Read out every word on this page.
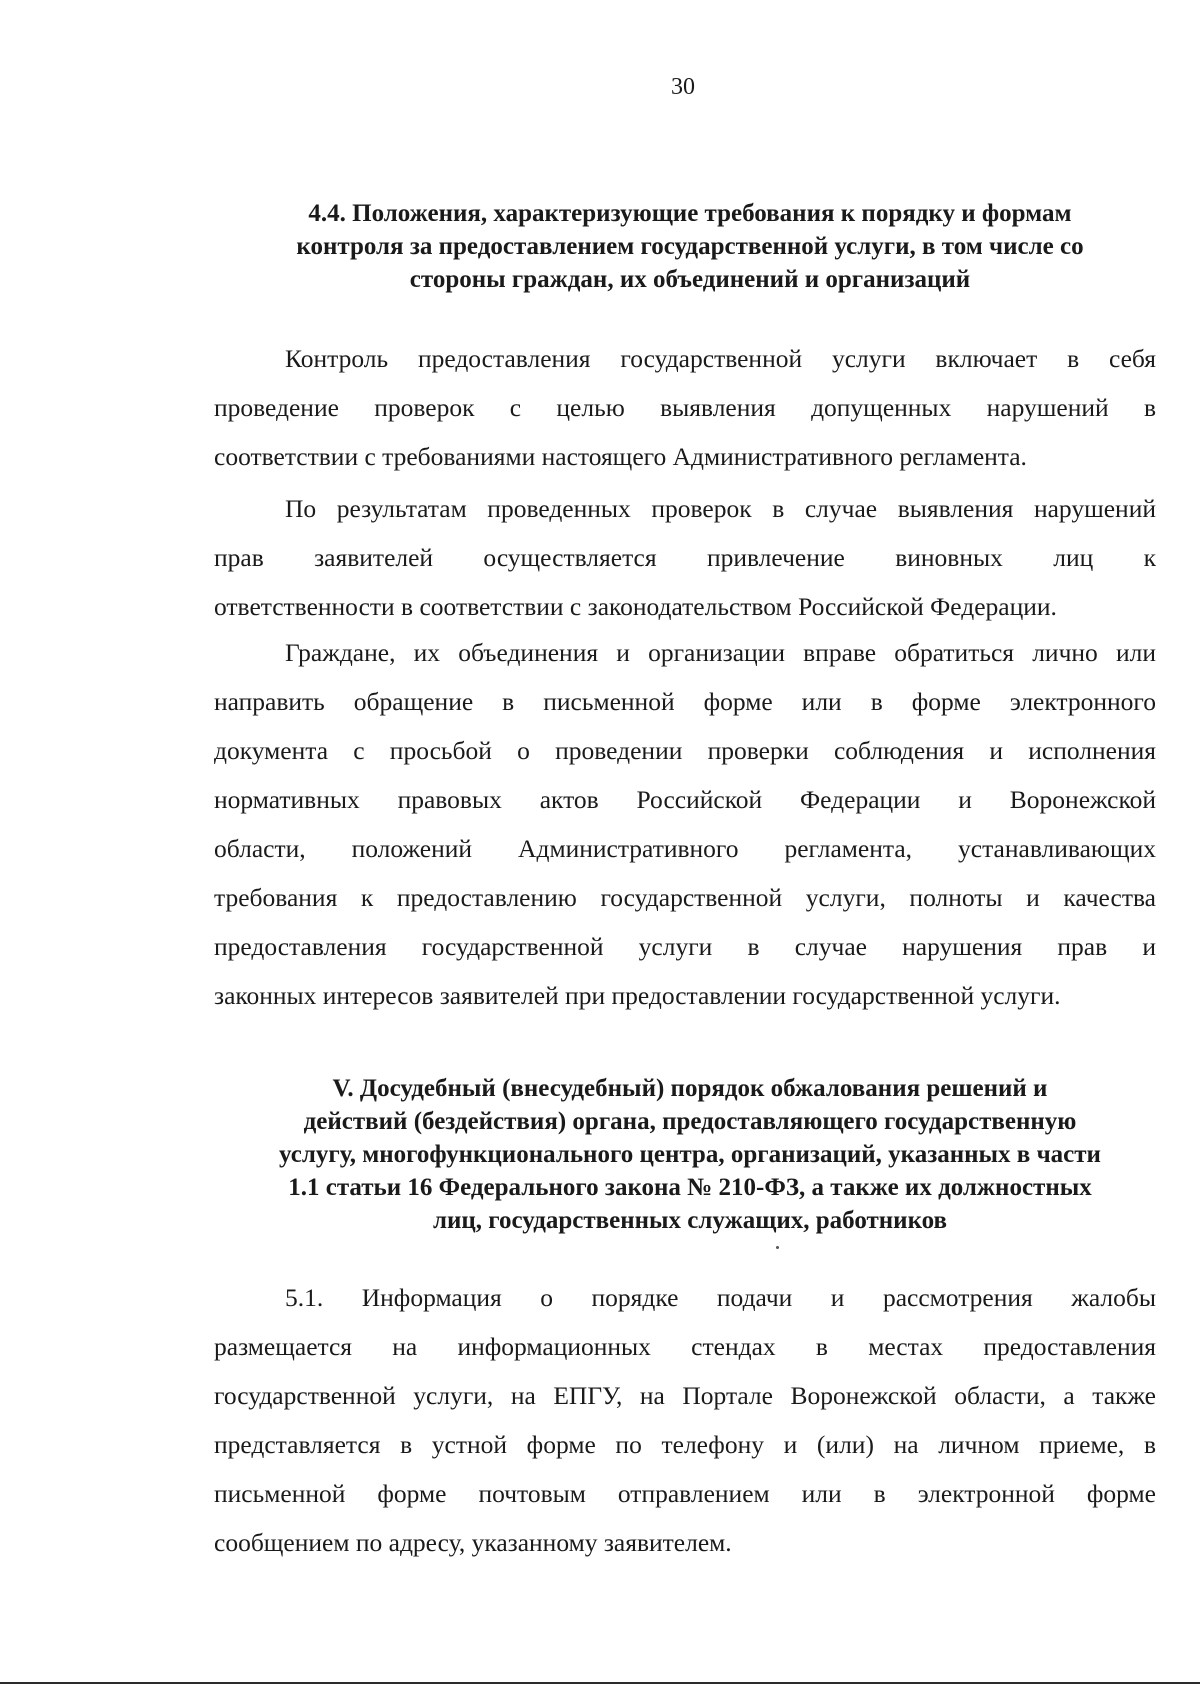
30
4.4. Положения, характеризующие требования к порядку и формам
контроля за предоставлением государственной услуги, в том числе со
стороны граждан, их объединений и организаций
Контроль предоставления государственной услуги включает в себя
проведение проверок с целью выявления допущенных нарушений в
соответствии с требованиями настоящего Административного регламента.
По результатам проведенных проверок в случае выявления нарушений
прав заявителей осуществляется привлечение виновных лиц к
ответственности в соответствии с законодательством Российской Федерации.
Граждане, их объединения и организации вправе обратиться лично или
направить обращение в письменной форме или в форме электронного
документа с просьбой о проведении проверки соблюдения и исполнения
нормативных правовых актов Российской Федерации и Воронежской
области, положений Административного регламента, устанавливающих
требования к предоставлению государственной услуги, полноты и качества
предоставления государственной услуги в случае нарушения прав и
законных интересов заявителей при предоставлении государственной услуги.
V. Досудебный (внесудебный) порядок обжалования решений и
действий (бездействия) органа, предоставляющего государственную
услугу, многофункционального центра, организаций, указанных в части
1.1 статьи 16 Федерального закона № 210-ФЗ, а также их должностных
лиц, государственных служащих, работников
5.1. Информация о порядке подачи и рассмотрения жалобы
размещается на информационных стендах в местах предоставления
государственной услуги, на ЕПГУ, на Портале Воронежской области, а также
представляется в устной форме по телефону и (или) на личном приеме, в
письменной форме почтовым отправлением или в электронной форме
сообщением по адресу, указанному заявителем.
